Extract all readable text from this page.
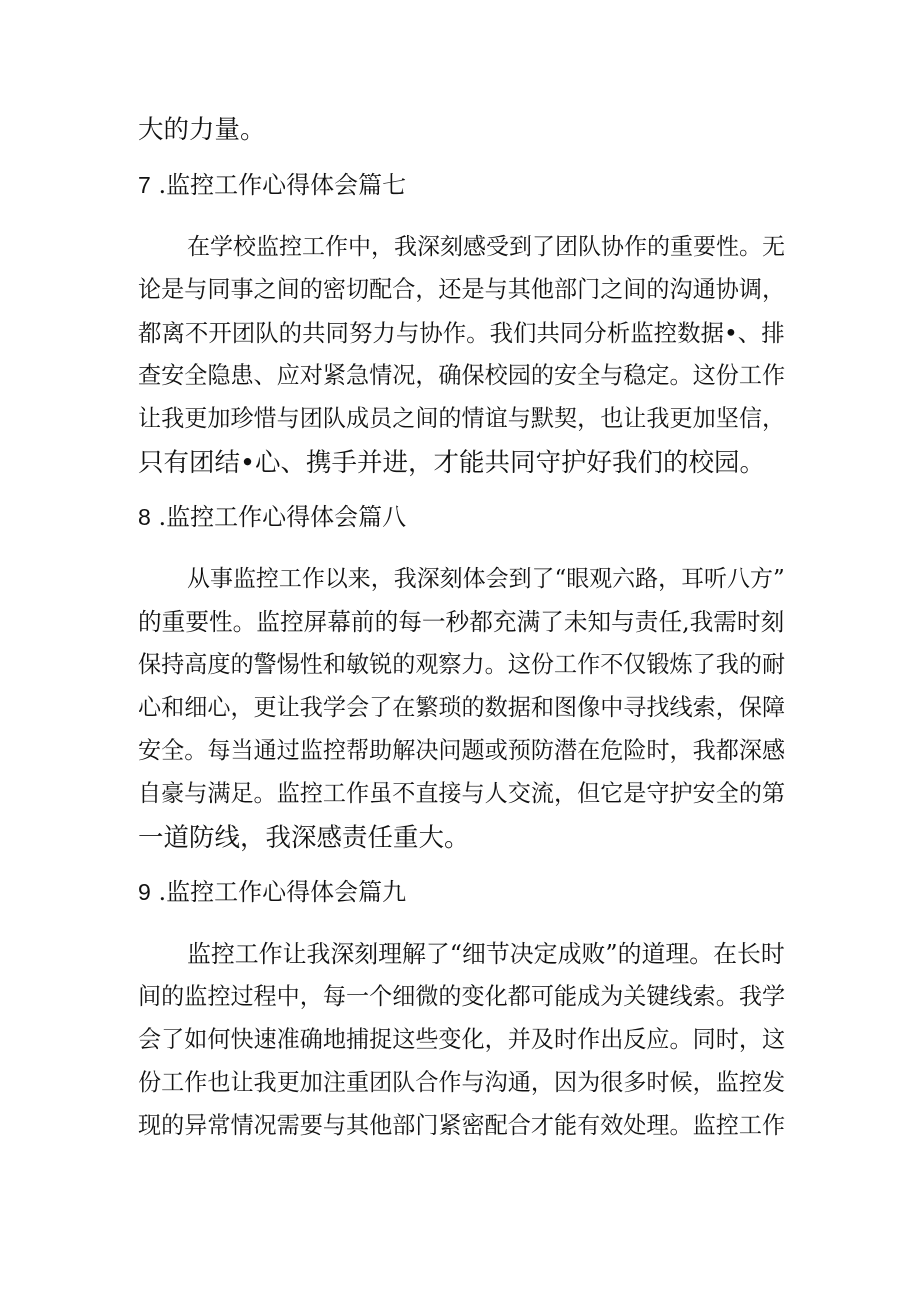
大的力量。
7 .监控工作心得体会篇七
在学校监控工作中，我深刻感受到了团队协作的重要性。无
论是与同事之间的密切配合，还是与其他部门之间的沟通协调，
都离不开团队的共同努力与协作。我们共同分析监控数据•、排
查安全隐患、应对紧急情况，确保校园的安全与稳定。这份工作
让我更加珍惜与团队成员之间的情谊与默契，也让我更加坚信，
只有团结•心、携手并进，才能共同守护好我们的校园。
8 .监控工作心得体会篇八
从事监控工作以来，我深刻体会到了“眼观六路，耳听八方”
的重要性。监控屏幕前的每一秒都充满了未知与责任,我需时刻
保持高度的警惕性和敏锐的观察力。这份工作不仅锻炼了我的耐
心和细心，更让我学会了在繁琐的数据和图像中寻找线索，保障
安全。每当通过监控帮助解决问题或预防潜在危险时，我都深感
自豪与满足。监控工作虽不直接与人交流，但它是守护安全的第
一道防线，我深感责任重大。
9 .监控工作心得体会篇九
监控工作让我深刻理解了“细节决定成败”的道理。在长时
间的监控过程中，每一个细微的变化都可能成为关键线索。我学
会了如何快速准确地捕捉这些变化，并及时作出反应。同时，这
份工作也让我更加注重团队合作与沟通，因为很多时候，监控发
现的异常情况需要与其他部门紧密配合才能有效处理。监控工作
